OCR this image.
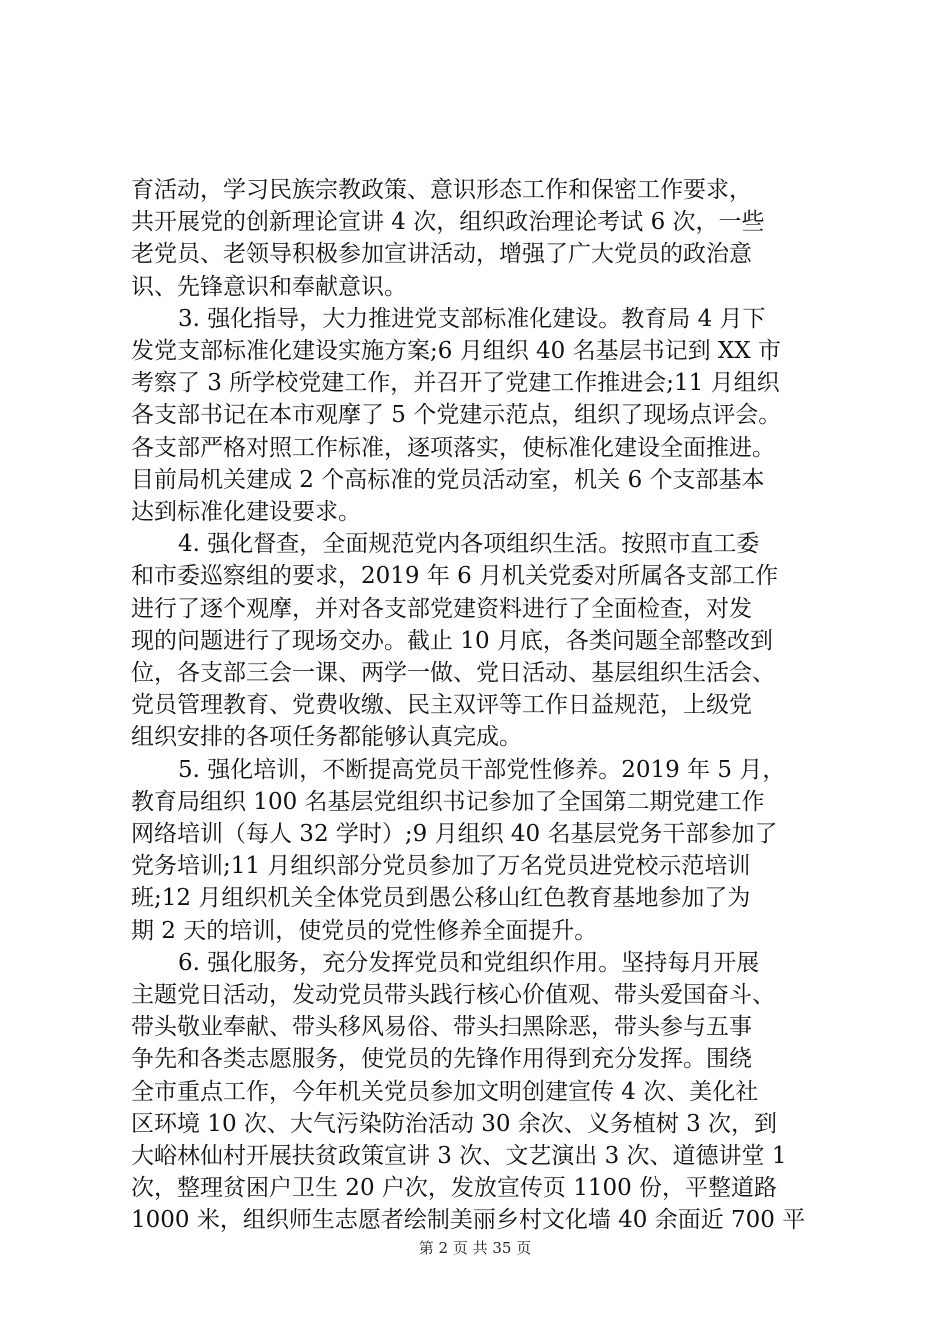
育活动，学习民族宗教政策、意识形态工作和保密工作要求，
共开展党的创新理论宣讲 4 次，组织政治理论考试 6 次，一些
老党员、老领导积极参加宣讲活动，增强了广大党员的政治意
识、先锋意识和奉献意识。
3. 强化指导，大力推进党支部标准化建设。教育局 4 月下
发党支部标准化建设实施方案;6 月组织 40 名基层书记到 XX 市
考察了 3 所学校党建工作，并召开了党建工作推进会;11 月组织
各支部书记在本市观摩了 5 个党建示范点，组织了现场点评会。
各支部严格对照工作标准，逐项落实，使标准化建设全面推进。
目前局机关建成 2 个高标准的党员活动室，机关 6 个支部基本
达到标准化建设要求。
4. 强化督查，全面规范党内各项组织生活。按照市直工委
和市委巡察组的要求，2019 年 6 月机关党委对所属各支部工作
进行了逐个观摩，并对各支部党建资料进行了全面检查，对发
现的问题进行了现场交办。截止 10 月底，各类问题全部整改到
位，各支部三会一课、两学一做、党日活动、基层组织生活会、
党员管理教育、党费收缴、民主双评等工作日益规范，上级党
组织安排的各项任务都能够认真完成。
5. 强化培训，不断提高党员干部党性修养。2019 年 5 月，
教育局组织 100 名基层党组织书记参加了全国第二期党建工作
网络培训（每人 32 学时）;9 月组织 40 名基层党务干部参加了
党务培训;11 月组织部分党员参加了万名党员进党校示范培训
班;12 月组织机关全体党员到愚公移山红色教育基地参加了为
期 2 天的培训，使党员的党性修养全面提升。
6. 强化服务，充分发挥党员和党组织作用。坚持每月开展
主题党日活动，发动党员带头践行核心价值观、带头爱国奋斗、
带头敬业奉献、带头移风易俗、带头扫黑除恶，带头参与五事
争先和各类志愿服务，使党员的先锋作用得到充分发挥。围绕
全市重点工作，今年机关党员参加文明创建宣传 4 次、美化社
区环境 10 次、大气污染防治活动 30 余次、义务植树 3 次，到
大峪林仙村开展扶贫政策宣讲 3 次、文艺演出 3 次、道德讲堂 1
次，整理贫困户卫生 20 户次，发放宣传页 1100 份，平整道路
1000 米，组织师生志愿者绘制美丽乡村文化墙 40 余面近 700 平
第 2 页 共 35 页
